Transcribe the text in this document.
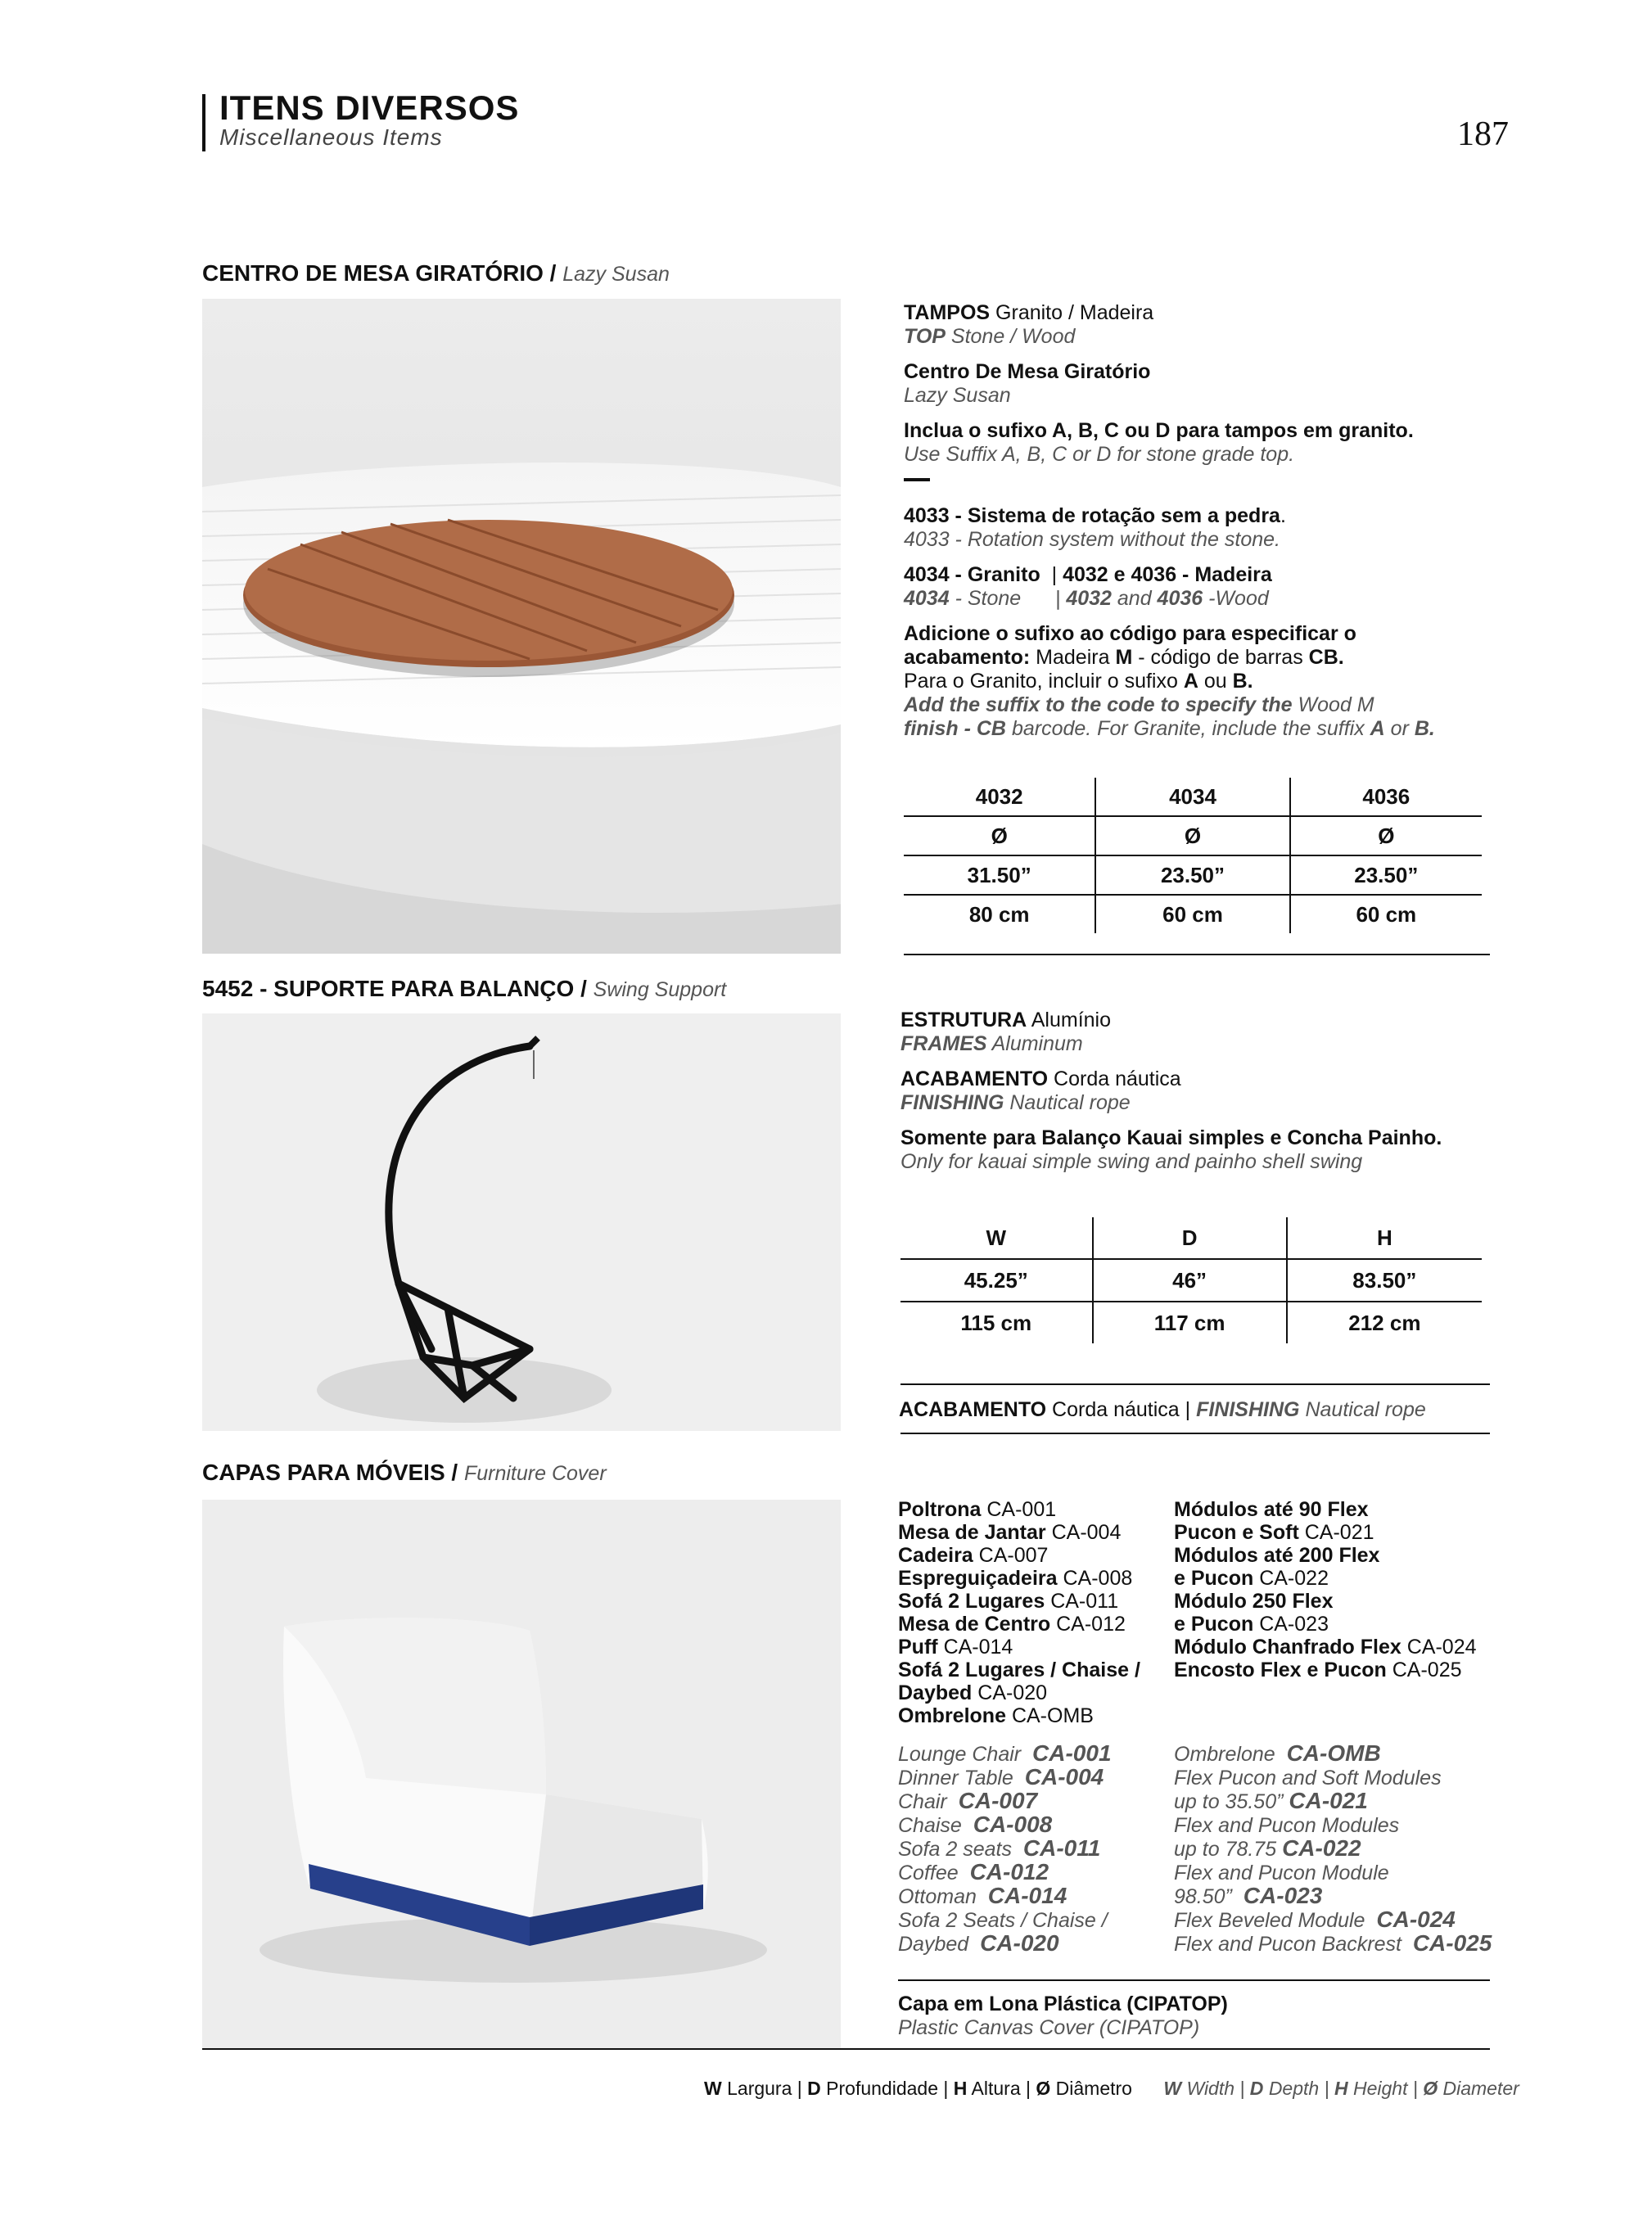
ITENS DIVERSOS
Miscellaneous Items	187
CENTRO DE MESA GIRATÓRIO / Lazy Susan

TAMPOS Granito / Madeira
TOP Stone / Wood

Centro De Mesa Giratório
Lazy Susan

Inclua o sufixo A, B, C ou D para tampos em granito.
Use Suffix A, B, C or D for stone grade top.

4033 - Sistema de rotação sem a pedra.
4033 - Rotation system without the stone.

4034 - Granito  | 4032 e 4036 - Madeira
4034 - Stone      | 4032 and 4036 -Wood

Adicione o sufixo ao código para especificar o acabamento: Madeira M - código de barras CB.
Para o Granito, incluir o sufixo A ou B.
Add the suffix to the code to specify the Wood M
finish - CB barcode. For Granite, include the suffix A or B.

4032	4034	4036
Ø	Ø	Ø
31.50”	23.50”	23.50”
80 cm	60 cm	60 cm
5452 - SUPORTE PARA BALANÇO / Swing Support

ESTRUTURA Alumínio
FRAMES Aluminum

ACABAMENTO Corda náutica
FINISHING Nautical rope

Somente para Balanço Kauai simples e Concha Painho.
Only for kauai simple swing and painho shell swing

W	D	H
45.25”	46”	83.50”
115 cm	117 cm	212 cm
ACABAMENTO Corda náutica | FINISHING Nautical rope
CAPAS PARA MÓVEIS / Furniture Cover
Poltrona CA-001
Mesa de Jantar CA-004
Cadeira CA-007
Espreguiçadeira CA-008
Sofá 2 Lugares CA-011
Mesa de Centro CA-012
Puff CA-014
Sofá 2 Lugares / Chaise /
Daybed CA-020
Ombrelone CA-OMB
Módulos até 90 Flex
Pucon e Soft CA-021
Módulos até 200 Flex
e Pucon CA-022
Módulo 250 Flex
e Pucon CA-023
Módulo Chanfrado Flex CA-024
Encosto Flex e Pucon CA-025
Lounge Chair CA-001
Dinner Table CA-004
Chair CA-007
Chaise CA-008
Sofa 2 seats CA-011
Coffee CA-012
Ottoman CA-014
Sofa 2 Seats / Chaise /
Daybed CA-020
Ombrelone CA-OMB
Flex Pucon and Soft Modules
up to 35.50” CA-021
Flex and Pucon Modules
up to 78.75 CA-022
Flex and Pucon Module
98.50” CA-023
Flex Beveled Module CA-024
Flex and Pucon Backrest CA-025
Capa em Lona Plástica (CIPATOP)
Plastic Canvas Cover (CIPATOP)
W Largura | D Profundidade | H Altura | Ø Diâmetro W Width | D Depth | H Height | Ø Diameter
